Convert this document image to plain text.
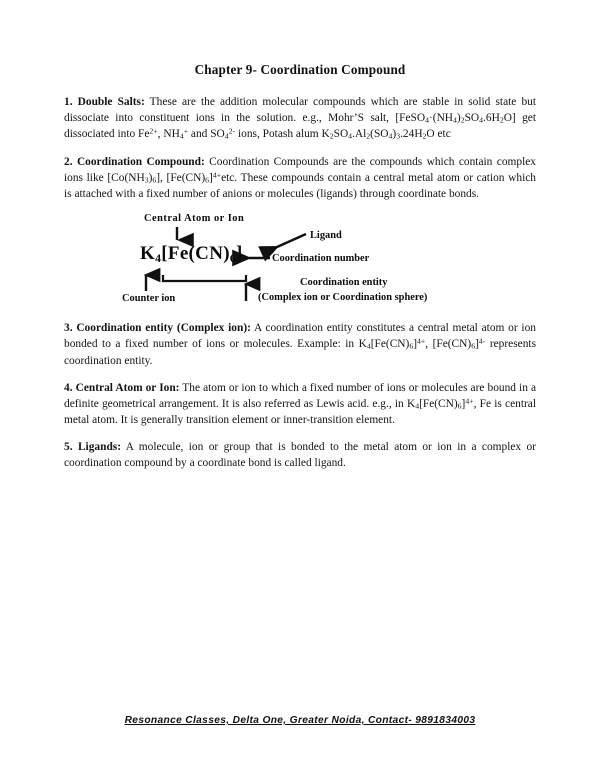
Chapter 9- Coordination Compound

1. Double Salts: These are the addition molecular compounds which are stable in solid state but dissociate into constituent ions in the solution. e.g., Mohr’S salt, $[FeSO_4\cdot(NH_4)_2SO_4.6H_2O]$ get dissociated into $Fe^{2+}$, $NH_4^+$ and $SO_4^{2-}$ ions, Potash alum $K_2SO_4.Al_2(SO_4)_3.24H_2O$ etc

2. Coordination Compound: Coordination Compounds are the compounds which contain complex ions like $[Co(NH_3)_6]$, $[Fe(CN)_6]^{4+}etc$. These compounds contain a central metal atom or cation which is attached with a fixed number of anions or molecules (ligands) through coordinate bonds.

Central Atom or Ion
$K_4[Fe(CN)_6]$
Ligand
Coordination number
Counter ion
Coordination entity
(Complex ion or Coordination sphere)

3. Coordination entity (Complex ion): A coordination entity constitutes a central metal atom or ion bonded to a fixed number of ions or molecules. Example: in $K_4[Fe(CN)_6]^{4+}$, $[Fe(CN)_6]^{4-}$ represents coordination entity.

4. Central Atom or Ion: The atom or ion to which a fixed number of ions or molecules are bound in a definite geometrical arrangement. It is also referred as Lewis acid. e.g., in $K_4[Fe(CN)_6]^{4+}$, Fe is central metal atom. It is generally transition element or inner-transition element.

5. Ligands: A molecule, ion or group that is bonded to the metal atom or ion in a complex or coordination compound by a coordinate bond is called ligand.

Resonance Classes, Delta One, Greater Noida, Contact- 9891834003
